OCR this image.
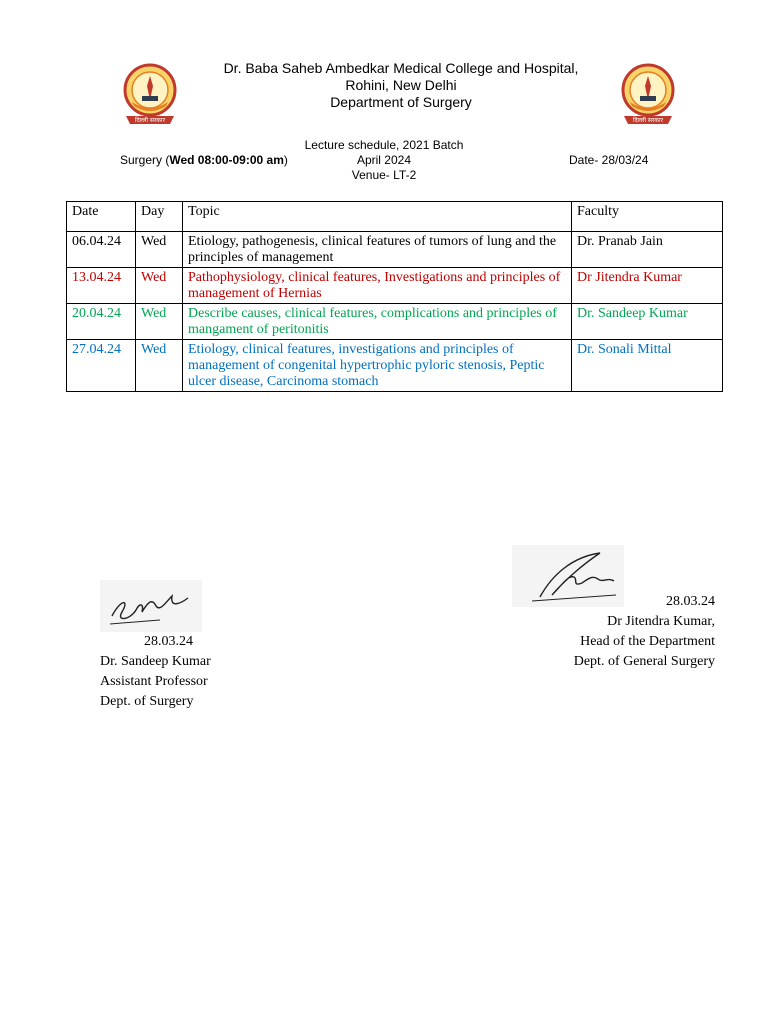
दिल्ली सरकार	दिल्ली सरकार
Dr. Baba Saheb Ambedkar Medical College and Hospital,
Rohini, New Delhi
Department of Surgery
Lecture schedule, 2021 Batch
April 2024
Venue- LT-2
Surgery (Wed 08:00-09:00 am)	Date- 28/03/24
Date	Day	Topic	Faculty
06.04.24	Wed	Etiology, pathogenesis, clinical features of tumors of lung and the principles of management	Dr. Pranab Jain
13.04.24	Wed	Pathophysiology, clinical features, Investigations and principles of management of Hernias	Dr Jitendra Kumar
20.04.24	Wed	Describe causes, clinical features, complications and principles of mangament of peritonitis	Dr. Sandeep Kumar
27.04.24	Wed	Etiology, clinical features, investigations and principles of management of congenital hypertrophic pyloric stenosis, Peptic ulcer disease, Carcinoma stomach	Dr. Sonali Mittal
28.03.24
Dr. Sandeep Kumar
Assistant Professor
Dept. of Surgery
28.03.24
Dr Jitendra Kumar,
Head of the Department
Dept. of General Surgery
